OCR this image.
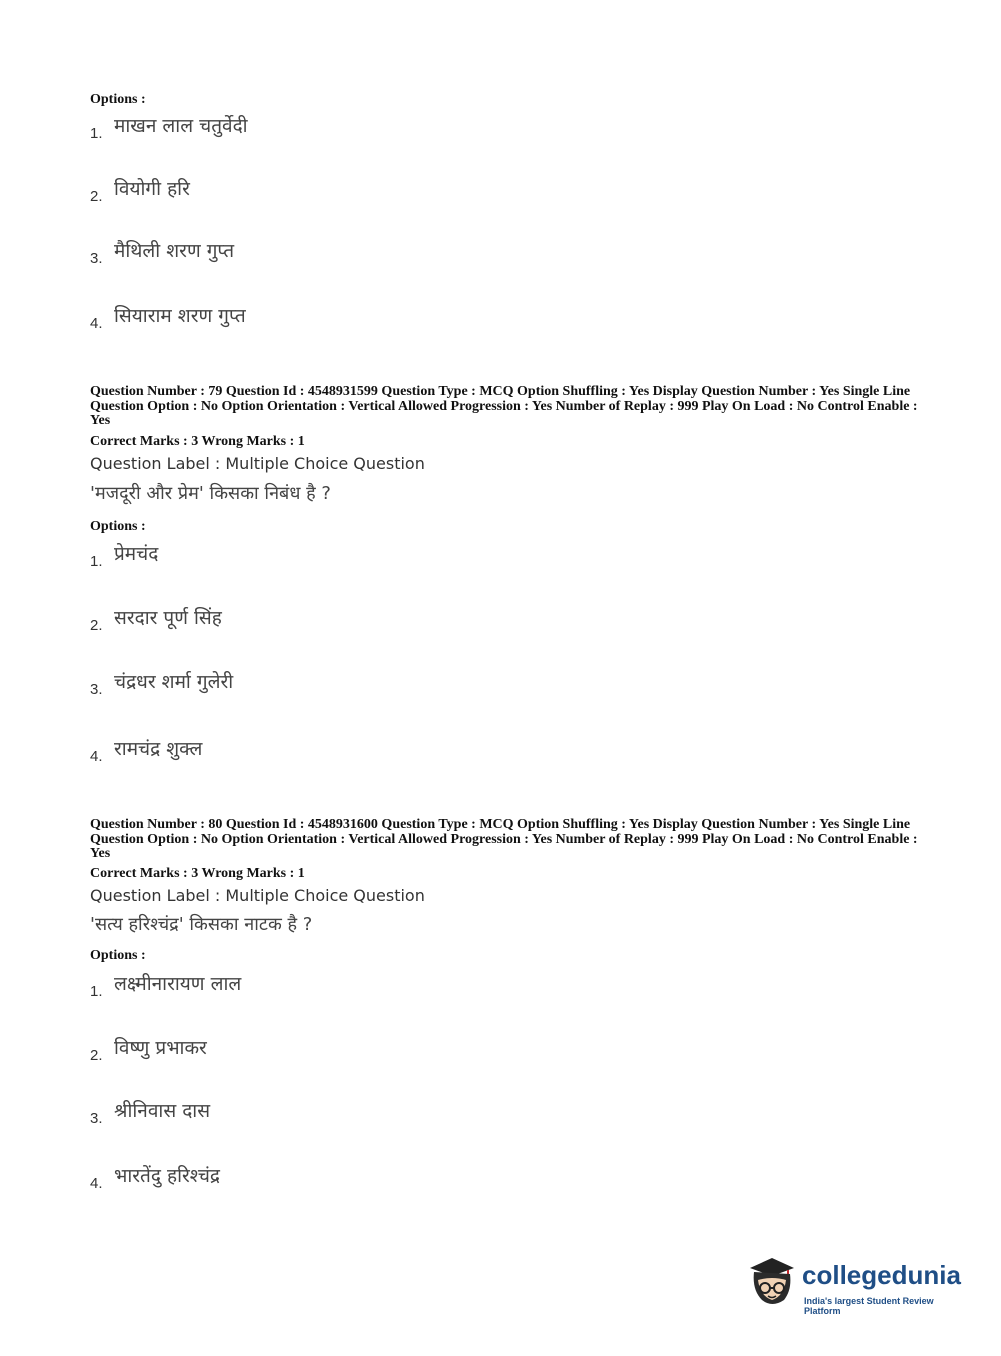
Options :
1. माखन लाल चतुर्वेदी
2. वियोगी हरि
3. मैथिली शरण गुप्त
4. सियाराम शरण गुप्त
Question Number : 79 Question Id : 4548931599 Question Type : MCQ Option Shuffling : Yes Display Question Number : Yes Single Line Question Option : No Option Orientation : Vertical Allowed Progression : Yes Number of Replay : 999 Play On Load : No Control Enable : Yes
Correct Marks : 3 Wrong Marks : 1
Question Label : Multiple Choice Question
'मजदूरी और प्रेम' किसका निबंध है ?
Options :
1. प्रेमचंद
2. सरदार पूर्ण सिंह
3. चंद्रधर शर्मा गुलेरी
4. रामचंद्र शुक्ल
Question Number : 80 Question Id : 4548931600 Question Type : MCQ Option Shuffling : Yes Display Question Number : Yes Single Line Question Option : No Option Orientation : Vertical Allowed Progression : Yes Number of Replay : 999 Play On Load : No Control Enable : Yes
Correct Marks : 3 Wrong Marks : 1
Question Label : Multiple Choice Question
'सत्य हरिश्चंद्र' किसका नाटक है ?
Options :
1. लक्ष्मीनारायण लाल
2. विष्णु प्रभाकर
3. श्रीनिवास दास
4. भारतेंदु हरिश्चंद्र
collegedunia
India's largest Student Review Platform
